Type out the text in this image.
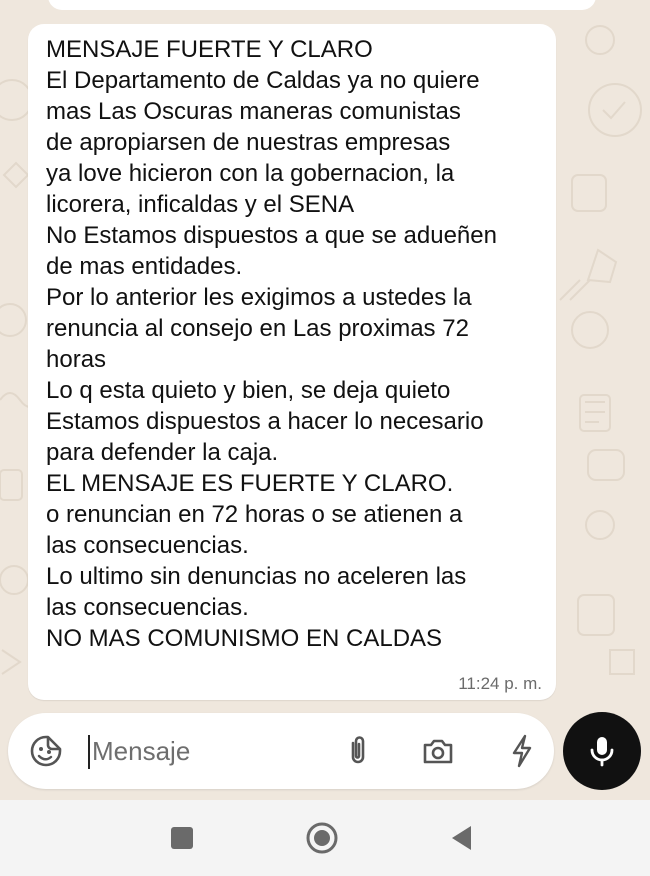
MENSAJE FUERTE Y CLARO
El Departamento de Caldas ya no quiere
mas Las Oscuras maneras comunistas
de apropiarsen de nuestras empresas
ya love hicieron con la gobernacion, la
licorera, inficaldas y el SENA
No Estamos dispuestos a que se adueñen
de mas entidades.
Por lo anterior les exigimos a ustedes la
renuncia al consejo en Las proximas 72
horas
Lo q esta quieto y bien, se deja quieto
Estamos dispuestos a hacer lo necesario
para defender la caja.
EL MENSAJE ES FUERTE Y CLARO.
o renuncian en 72 horas o se atienen a
las consecuencias.
Lo ultimo sin denuncias no aceleren las
las consecuencias.
NO MAS COMUNISMO EN CALDAS
11:24 p. m.
Mensaje
